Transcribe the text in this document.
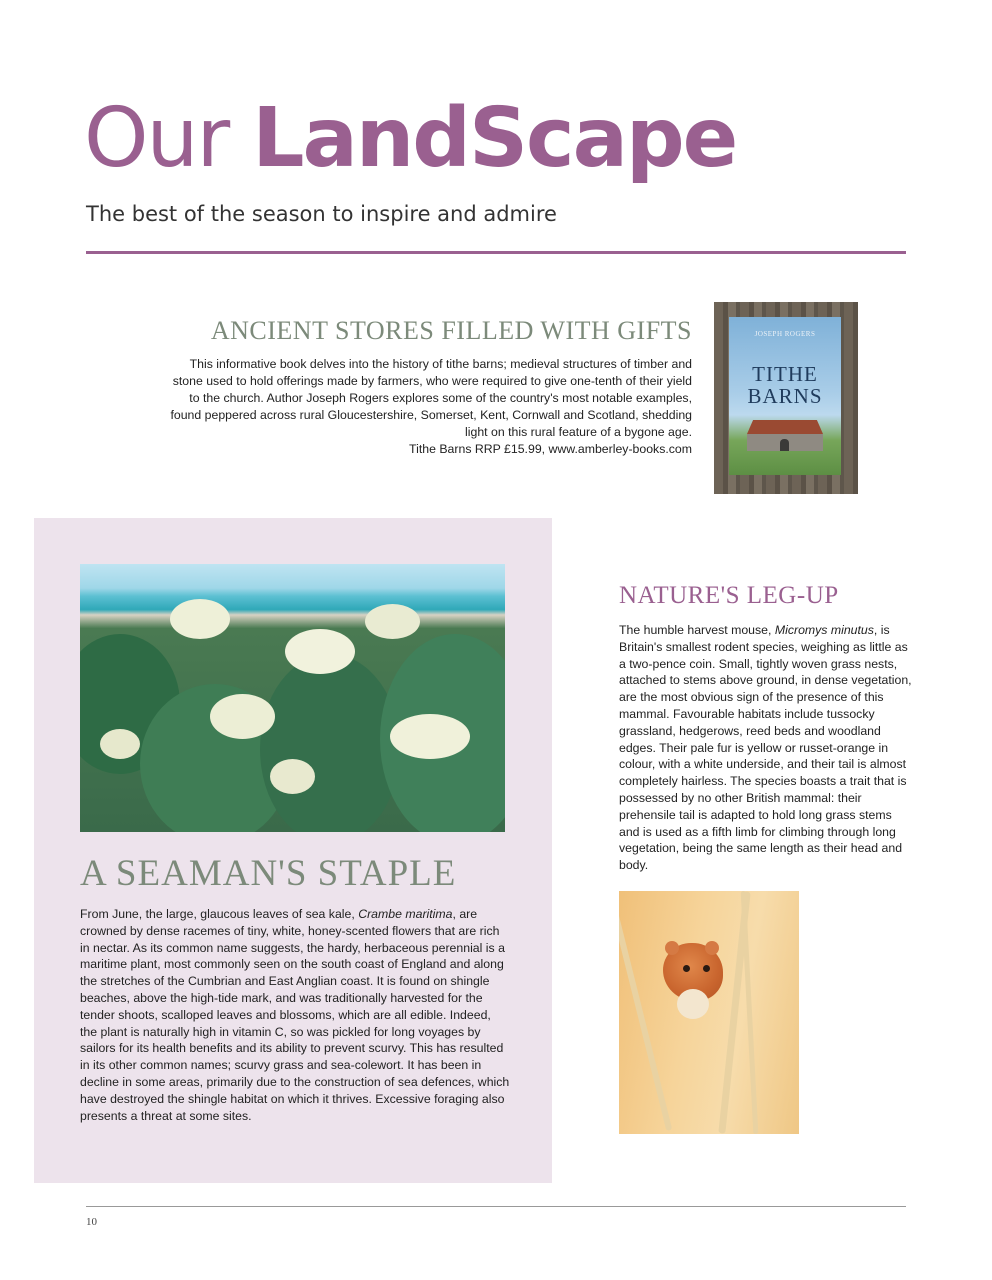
Our LandScape
The best of the season to inspire and admire
ANCIENT STORES FILLED WITH GIFTS
This informative book delves into the history of tithe barns; medieval structures of timber and stone used to hold offerings made by farmers, who were required to give one-tenth of their yield to the church. Author Joseph Rogers explores some of the country's most notable examples, found peppered across rural Gloucestershire, Somerset, Kent, Cornwall and Scotland, shedding light on this rural feature of a bygone age.
Tithe Barns RRP £15.99, www.amberley-books.com
JOSEPH ROGERS
TITHE
BARNS
A SEAMAN'S STAPLE
From June, the large, glaucous leaves of sea kale, Crambe maritima, are crowned by dense racemes of tiny, white, honey-scented flowers that are rich in nectar. As its common name suggests, the hardy, herbaceous perennial is a maritime plant, most commonly seen on the south coast of England and along the stretches of the Cumbrian and East Anglian coast. It is found on shingle beaches, above the high-tide mark, and was traditionally harvested for the tender shoots, scalloped leaves and blossoms, which are all edible. Indeed, the plant is naturally high in vitamin C, so was pickled for long voyages by sailors for its health benefits and its ability to prevent scurvy. This has resulted in its other common names; scurvy grass and sea-colewort. It has been in decline in some areas, primarily due to the construction of sea defences, which have destroyed the shingle habitat on which it thrives. Excessive foraging also presents a threat at some sites.
NATURE'S LEG-UP
The humble harvest mouse, Micromys minutus, is Britain's smallest rodent species, weighing as little as a two-pence coin. Small, tightly woven grass nests, attached to stems above ground, in dense vegetation, are the most obvious sign of the presence of this mammal. Favourable habitats include tussocky grassland, hedgerows, reed beds and woodland edges. Their pale fur is yellow or russet-orange in colour, with a white underside, and their tail is almost completely hairless. The species boasts a trait that is possessed by no other British mammal: their prehensile tail is adapted to hold long grass stems and is used as a fifth limb for climbing through long vegetation, being the same length as their head and body.
10
